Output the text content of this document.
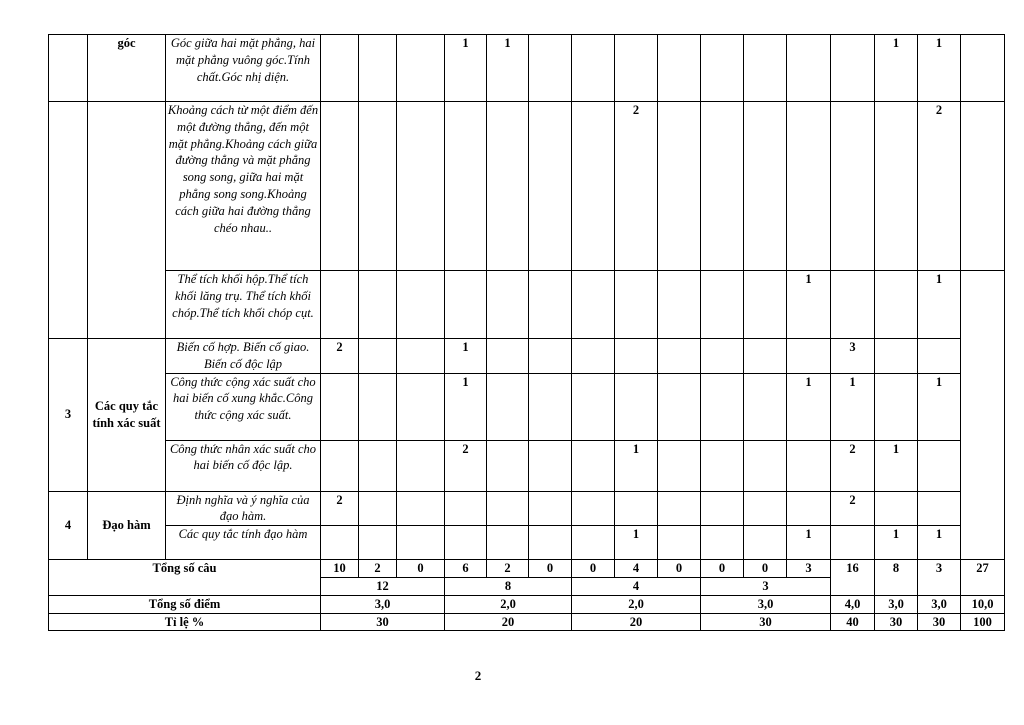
	góc	Góc giữa hai mặt phẳng, hai mặt phẳng vuông góc.Tính chất.Góc nhị diện.				1	1									1	1		
		Khoảng cách từ một điểm đến một đường thẳng, đến một mặt phẳng.Khoảng cách giữa đường thẳng và mặt phẳng song song, giữa hai mặt phẳng song song.Khoảng cách giữa hai đường thẳng chéo nhau..								2							2		
		Thể tích khối hộp.Thể tích khối lăng trụ. Thể tích khối chóp.Thể tích khối chóp cụt.												1			1		
3	Các quy tắc tính xác suất	Biến cố hợp. Biến cố giao. Biến cố độc lập	2			1									3				
		Công thức cộng xác suất cho hai biến cố xung khắc.Công thức cộng xác suất.				1								1	1		1		
		Công thức nhân xác suất cho hai biến cố độc lập.				2				1					2	1			
4	Đạo hàm	Định nghĩa và ý nghĩa của đạo hàm.	2												2				
		Các quy tắc tính đạo hàm								1				1		1	1		
Tổng số câu			10	2	0	6	2	0	0	4	0	0	0	3	16	8	3	27	
			12			8			4			3							
Tổng số điểm			3,0			2,0			2,0			3,0			4,0	3,0	3,0	10,0	
Tỉ lệ %			30			20			20			30			40	30	30	100	
2
